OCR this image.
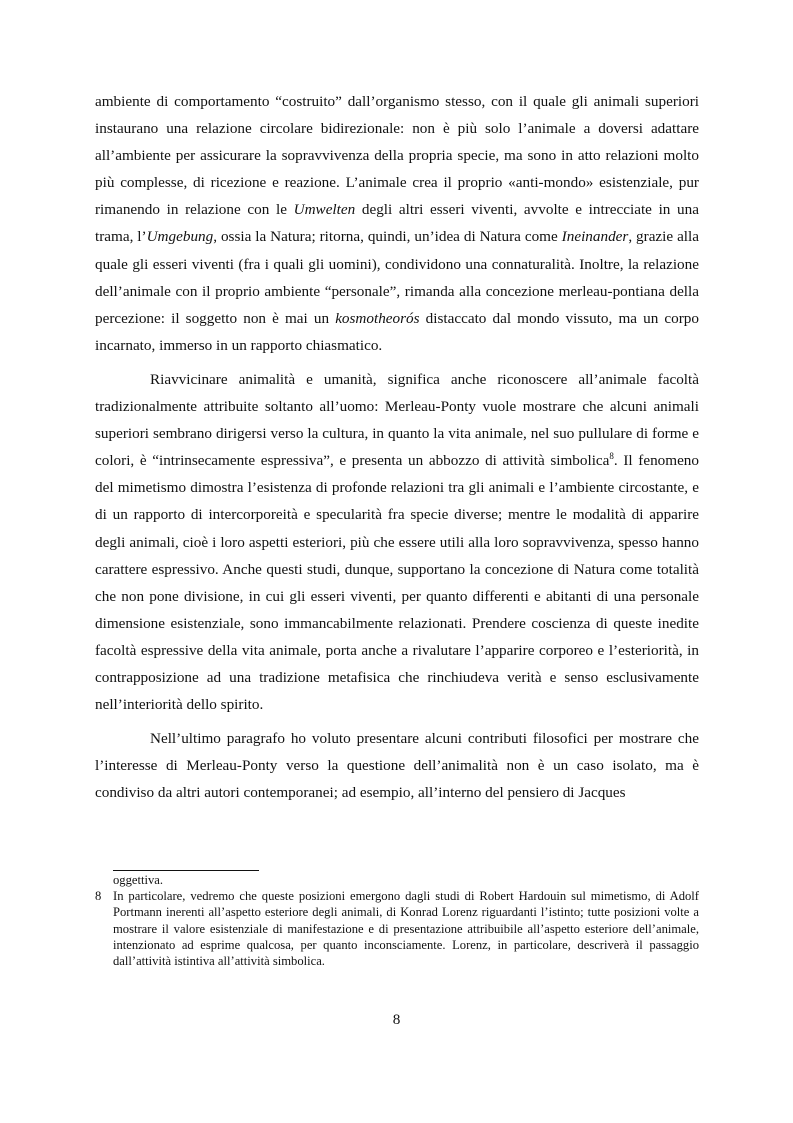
ambiente di comportamento “costruito” dall’organismo stesso, con il quale gli animali superiori instaurano una relazione circolare bidirezionale: non è più solo l’animale a doversi adattare all’ambiente per assicurare la sopravvivenza della propria specie, ma sono in atto relazioni molto più complesse, di ricezione e reazione. L’animale crea il proprio «anti-mondo» esistenziale, pur rimanendo in relazione con le Umwelten degli altri esseri viventi, avvolte e intrecciate in una trama, l’Umgebung, ossia la Natura; ritorna, quindi, un’idea di Natura come Ineinander, grazie alla quale gli esseri viventi (fra i quali gli uomini), condividono una connaturalità. Inoltre, la relazione dell’animale con il proprio ambiente “personale”, rimanda alla concezione merleau-pontiana della percezione: il soggetto non è mai un kosmotheorós distaccato dal mondo vissuto, ma un corpo incarnato, immerso in un rapporto chiasmatico.

Riavvicinare animalità e umanità, significa anche riconoscere all’animale facoltà tradizionalmente attribuite soltanto all’uomo: Merleau-Ponty vuole mostrare che alcuni animali superiori sembrano dirigersi verso la cultura, in quanto la vita animale, nel suo pullulare di forme e colori, è “intrinsecamente espressiva”, e presenta un abbozzo di attività simbolica$^8$. Il fenomeno del mimetismo dimostra l’esistenza di profonde relazioni tra gli animali e l’ambiente circostante, e di un rapporto di intercorporeità e specularità fra specie diverse; mentre le modalità di apparire degli animali, cioè i loro aspetti esteriori, più che essere utili alla loro sopravvivenza, spesso hanno carattere espressivo. Anche questi studi, dunque, supportano la concezione di Natura come totalità che non pone divisione, in cui gli esseri viventi, per quanto differenti e abitanti di una personale dimensione esistenziale, sono immancabilmente relazionati. Prendere coscienza di queste inedite facoltà espressive della vita animale, porta anche a rivalutare l’apparire corporeo e l’esteriorità, in contrapposizione ad una tradizione metafisica che rinchiudeva verità e senso esclusivamente nell’interiorità dello spirito.

Nell’ultimo paragrafo ho voluto presentare alcuni contributi filosofici per mostrare che l’interesse di Merleau-Ponty verso la questione dell’animalità non è un caso isolato, ma è condiviso da altri autori contemporanei; ad esempio, all’interno del pensiero di Jacques

oggettiva.

8 In particolare, vedremo che queste posizioni emergono dagli studi di Robert Hardouin sul mimetismo, di Adolf Portmann inerenti all’aspetto esteriore degli animali, di Konrad Lorenz riguardanti l’istinto; tutte posizioni volte a mostrare il valore esistenziale di manifestazione e di presentazione attribuibile all’aspetto esteriore dell’animale, intenzionato ad esprime qualcosa, per quanto inconsciamente. Lorenz, in particolare, descriverà il passaggio dall’attività istintiva all’attività simbolica.
8
